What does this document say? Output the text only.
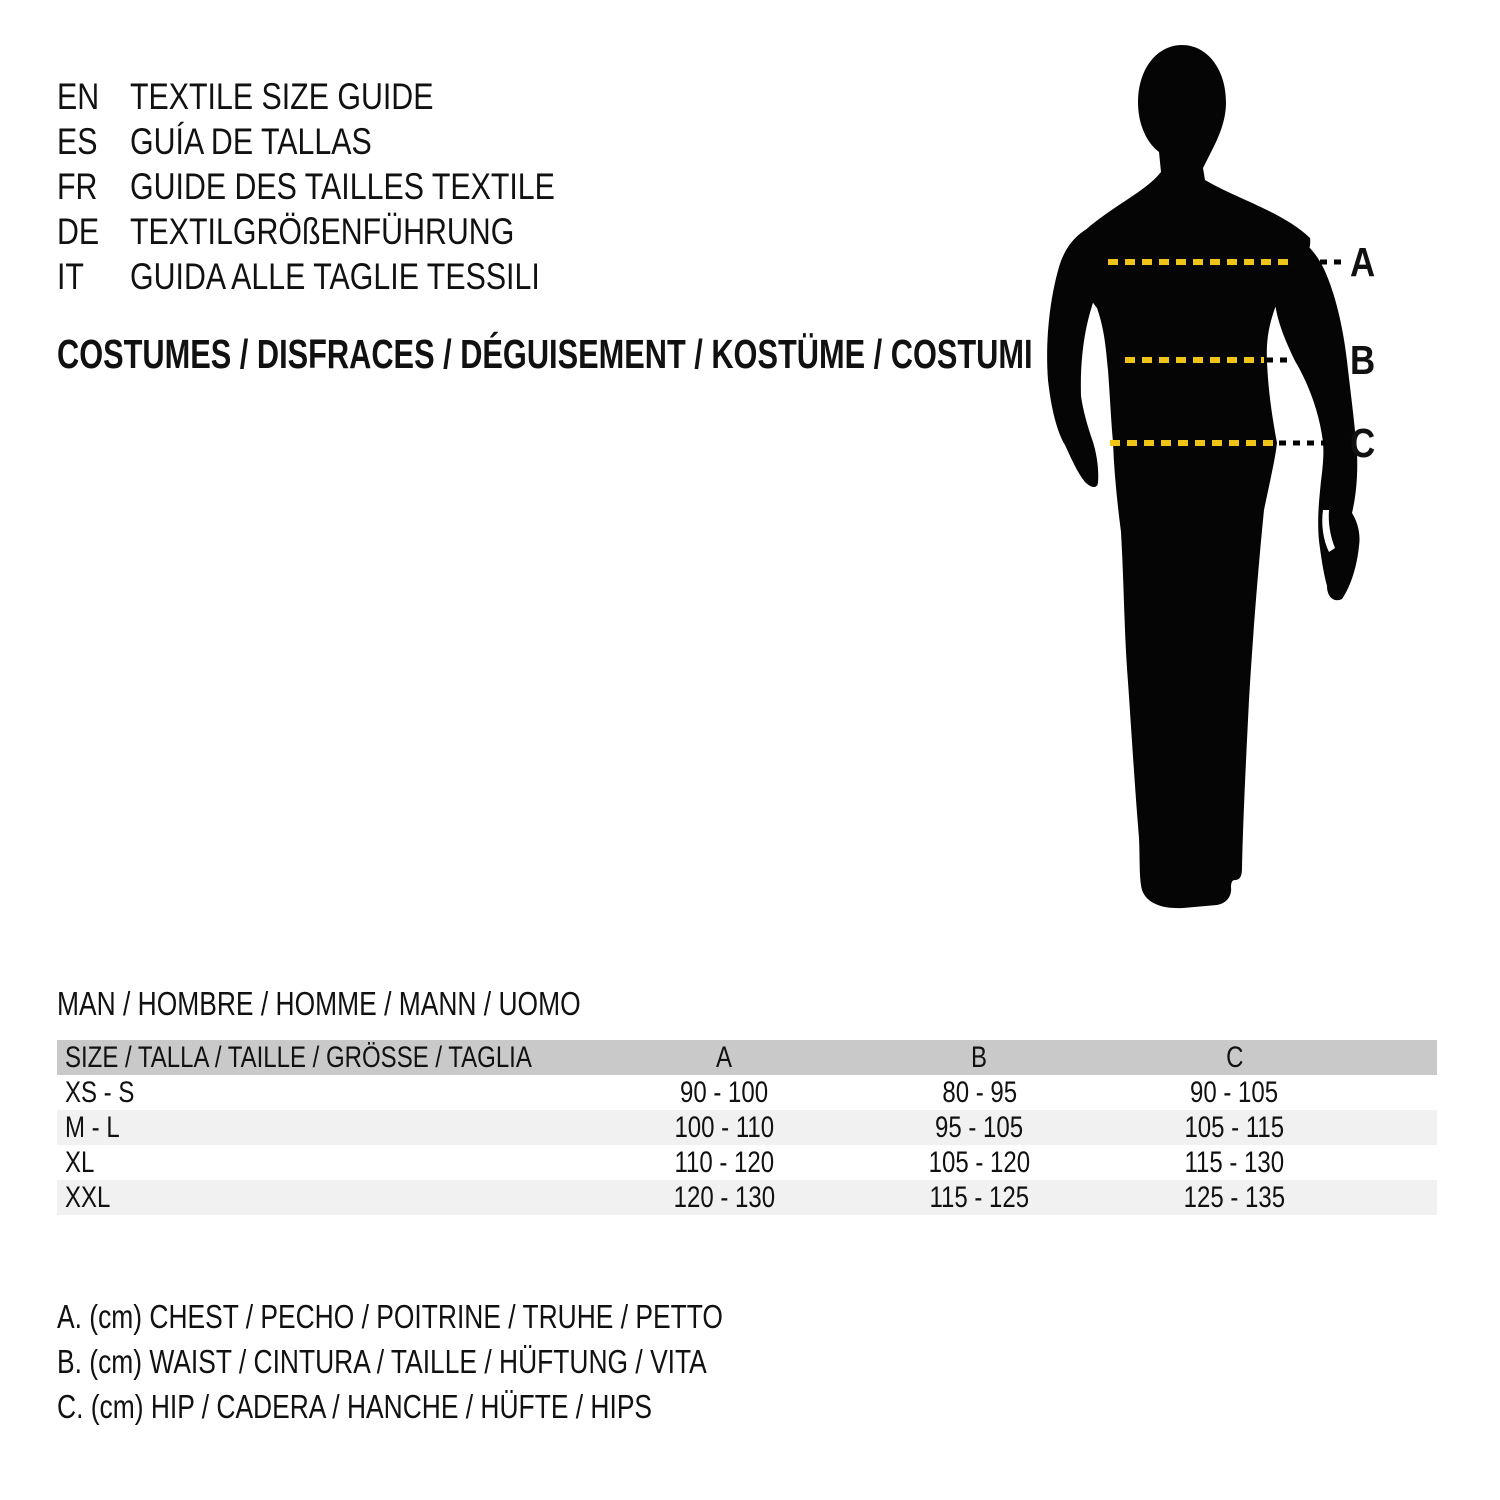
EN TEXTILE SIZE GUIDE
ES GUÍA DE TALLAS
FR GUIDE DES TAILLES TEXTILE
DE TEXTILGRÖßENFÜHRUNG
IT	GUIDA ALLE TAGLIE TESSILI
COSTUMES / DISFRACES / DÉGUISEMENT / KOSTÜME / COSTUMI
A
B
C
MAN / HOMBRE / HOMME / MANN / UOMO
SIZE / TALLA / TAILLE / GRÖSSE / TAGLIA	A	B	C	
XS - S	90 - 100	80 - 95	90 - 105	
M - L	100 - 110	95 - 105	105 - 115	
XL	110 - 120	105 - 120	115 - 130	
XXL	120 - 130	115 - 125	125 - 135	
A. (cm) CHEST / PECHO / POITRINE / TRUHE / PETTO
B. (cm) WAIST / CINTURA / TAILLE / HÜFTUNG / VITA
C. (cm) HIP / CADERA / HANCHE / HÜFTE / HIPS
